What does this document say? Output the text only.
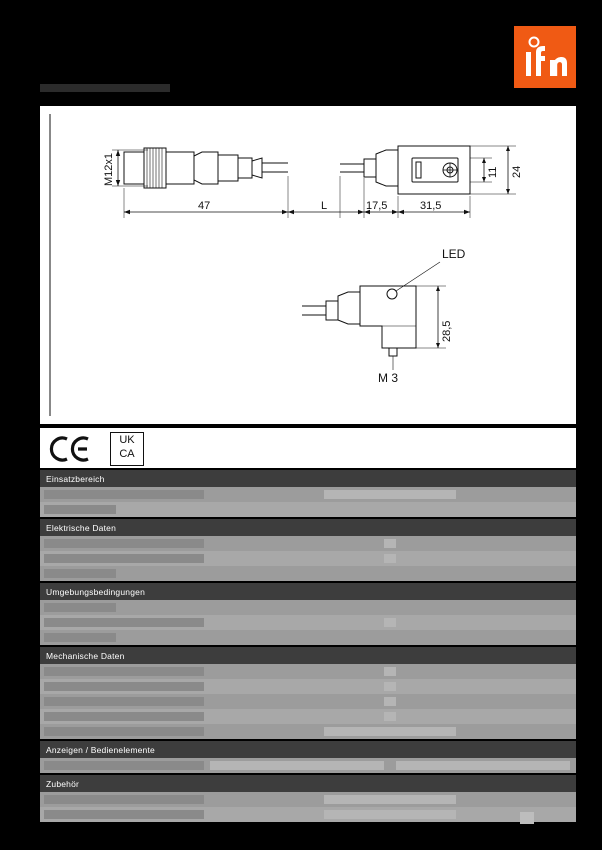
M12x1
47	L	17,5	31,5
11 24
LED
28,5
M 3
UK
CA
Einsatzbereich
Elektrische Daten
Umgebungsbedingungen
Mechanische Daten
Anzeigen / Bedienelemente
Zubehör
